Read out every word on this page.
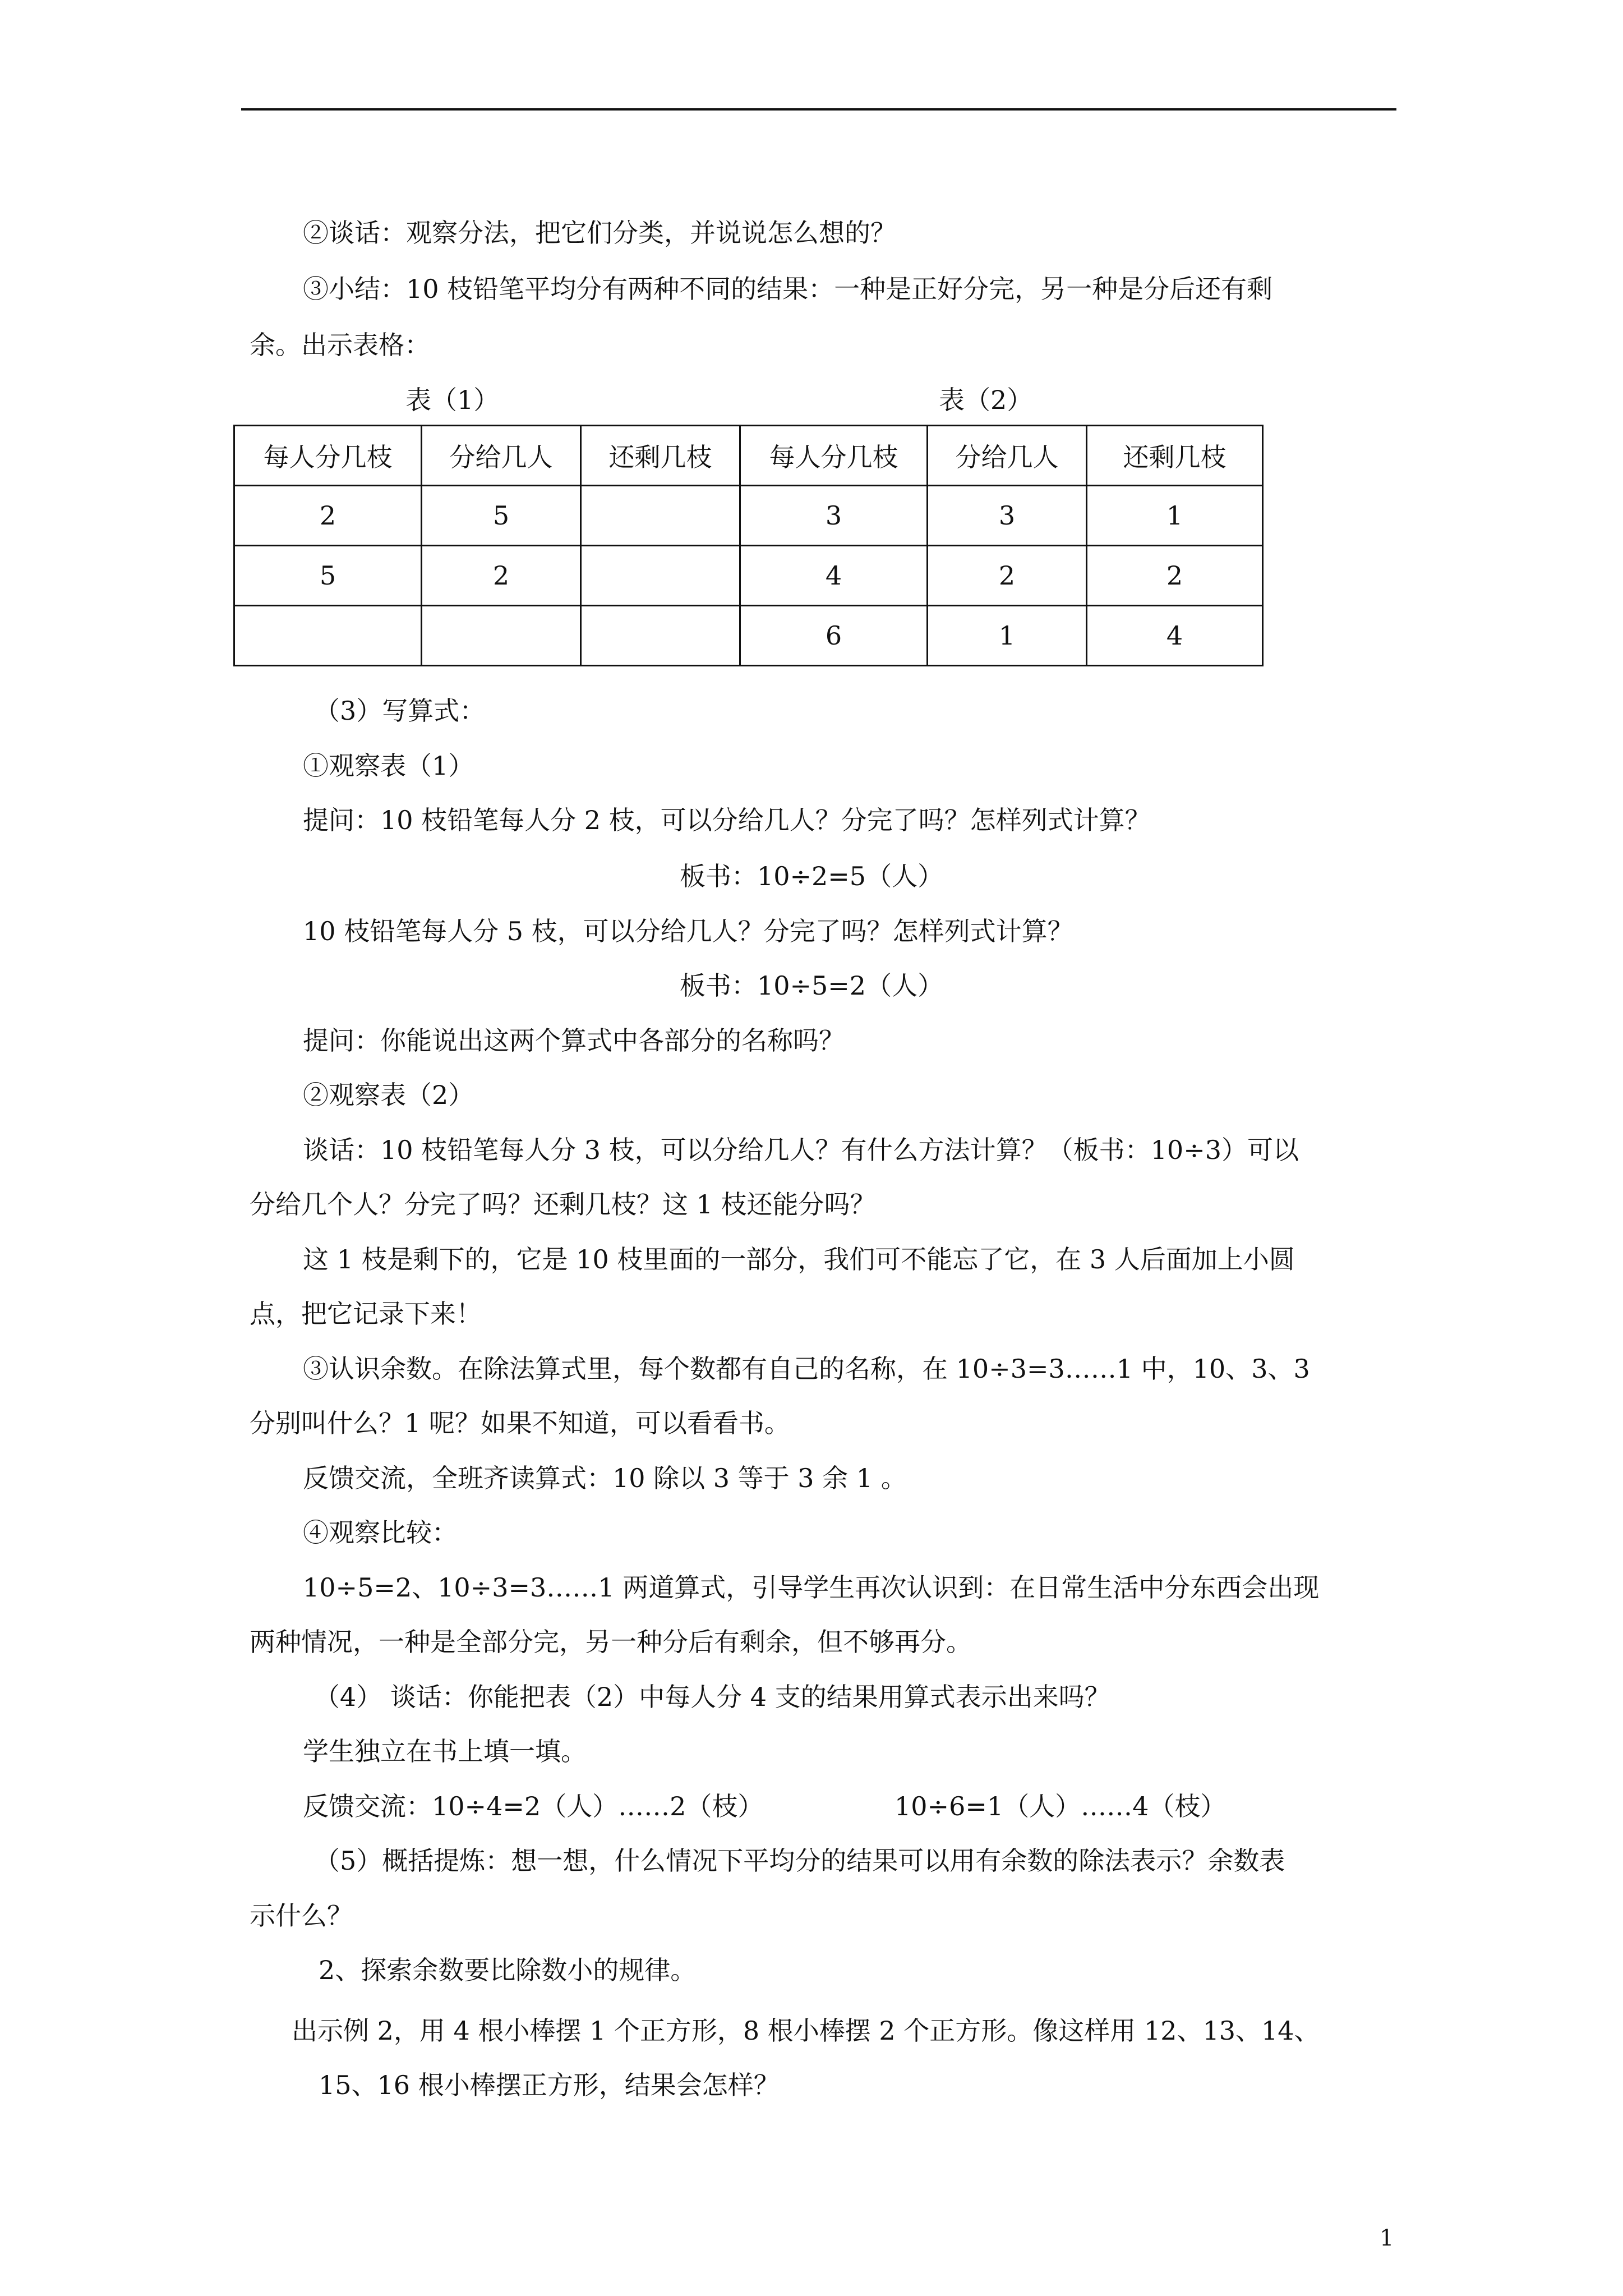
②谈话：观察分法，把它们分类，并说说怎么想的？
③小结：10 枝铅笔平均分有两种不同的结果：一种是正好分完，另一种是分后还有剩
余。出示表格：
表（1）	表（2）
每人分几枝	分给几人	还剩几枝	每人分几枝	分给几人	还剩几枝
2	5		3	3	1
5	2		4	2	2
			6	1	4
（3）写算式：
①观察表（1）
提问：10 枝铅笔每人分 2 枝，可以分给几人？分完了吗？怎样列式计算？
板书：10÷2=5（人）
10 枝铅笔每人分 5 枝，可以分给几人？分完了吗？怎样列式计算？
板书：10÷5=2（人）
提问：你能说出这两个算式中各部分的名称吗？
②观察表（2）
谈话：10 枝铅笔每人分 3 枝，可以分给几人？有什么方法计算？（板书：10÷3）可以
分给几个人？分完了吗？还剩几枝？这 1 枝还能分吗？
这 1 枝是剩下的，它是 10 枝里面的一部分，我们可不能忘了它，在 3 人后面加上小圆
点，把它记录下来！
③认识余数。在除法算式里，每个数都有自己的名称，在 10÷3=3……1 中，10、3、3
分别叫什么？1 呢？如果不知道，可以看看书。
反馈交流，全班齐读算式：10 除以 3 等于 3 余 1 。
④观察比较：
10÷5=2、10÷3=3……1 两道算式，引导学生再次认识到：在日常生活中分东西会出现
两种情况，一种是全部分完，另一种分后有剩余，但不够再分。
（4） 谈话：你能把表（2）中每人分 4 支的结果用算式表示出来吗？
学生独立在书上填一填。
反馈交流：10÷4=2（人）……2（枝）	10÷6=1（人）……4（枝）
（5）概括提炼：想一想，什么情况下平均分的结果可以用有余数的除法表示？余数表
示什么？
2、探索余数要比除数小的规律。
出示例 2，用 4 根小棒摆 1 个正方形，8 根小棒摆 2 个正方形。像这样用 12、13、14、
15、16 根小棒摆正方形，结果会怎样？
1
